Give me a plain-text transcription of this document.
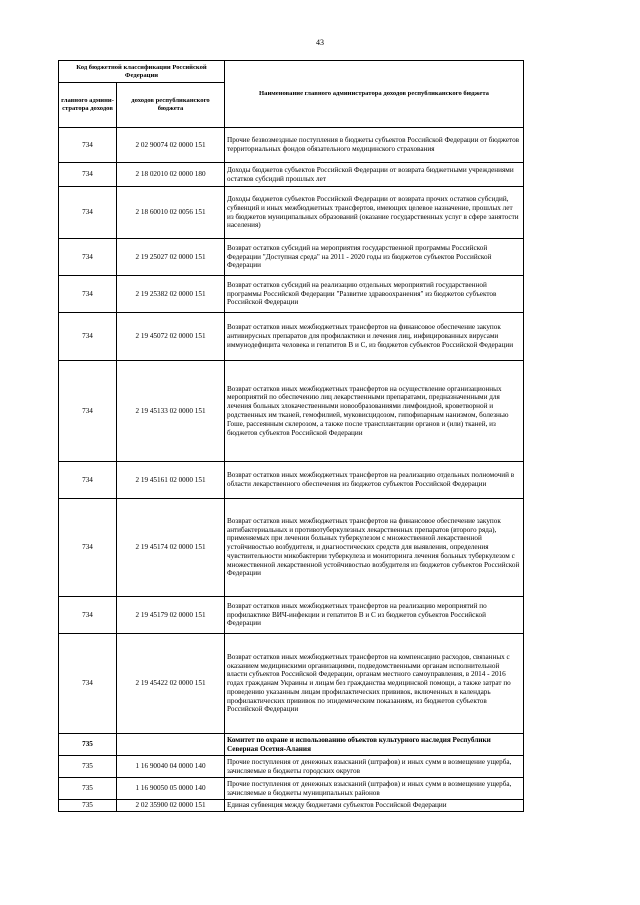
43
Код бюджетной классификации Российской Федерации		Наименование главного администратора доходов республиканского бюджета
главного админи-стратора доходов	доходов республиканского бюджета	
734	2 02 90074 02 0000 151	Прочие безвозмездные поступления в бюджеты субъектов Российской Федерации от бюджетов территориальных фондов обязательного медицинского страхования
734	2 18 02010 02 0000 180	Доходы бюджетов субъектов Российской Федерации от возврата бюджетными учреждениями остатков субсидий прошлых лет
734	2 18 60010 02 0056 151	Доходы бюджетов субъектов Российской Федерации от возврата прочих остатков субсидий, субвенций и иных межбюджетных трансфертов, имеющих целевое назначение, прошлых лет из бюджетов муниципальных образований (оказание государственных услуг в сфере занятости населения)
734	2 19 25027 02 0000 151	Возврат остатков субсидий на мероприятия государственной программы Российской Федерации "Доступная среда" на 2011 - 2020 годы из бюджетов субъектов Российской Федерации
734	2 19 25382 02 0000 151	Возврат остатков субсидий на реализацию отдельных мероприятий государственной программы Российской Федерации "Развитие здравоохранения" из бюджетов субъектов Российской Федерации
734	2 19 45072 02 0000 151	Возврат остатков иных межбюджетных трансфертов на финансовое обеспечение закупок антивирусных препаратов для профилактики и лечения лиц, инфицированных вирусами иммунодефицита человека и гепатитов В и С, из бюджетов субъектов Российской Федерации
734	2 19 45133 02 0000 151	Возврат остатков иных межбюджетных трансфертов на осуществление организационных мероприятий по обеспечению лиц лекарственными препаратами, предназначенными для лечения больных злокачественными новообразованиями лимфоидной, кроветворной и родственных им тканей, гемофилией, муковисцидозом, гипофизарным нанизмом, болезнью Гоше, рассеянным склерозом, а также после трансплантации органов и (или) тканей, из бюджетов субъектов Российской Федерации
734	2 19 45161 02 0000 151	Возврат остатков иных межбюджетных трансфертов на реализацию отдельных полномочий в области лекарственного обеспечения из бюджетов субъектов Российской Федерации
734	2 19 45174 02 0000 151	Возврат остатков иных межбюджетных трансфертов на финансовое обеспечение закупок антибактериальных и противотуберкулезных лекарственных препаратов (второго ряда), применяемых при лечении больных туберкулезом с множественной лекарственной устойчивостью возбудителя, и диагностических средств для выявления, определения чувствительности микобактерии туберкулеза и мониторинга лечения больных туберкулезом с множественной лекарственной устойчивостью возбудителя из бюджетов субъектов Российской Федерации
734	2 19 45179 02 0000 151	Возврат остатков иных межбюджетных трансфертов на реализацию мероприятий по профилактике ВИЧ-инфекции и гепатитов В и С из бюджетов субъектов Российской Федерации
734	2 19 45422 02 0000 151	Возврат остатков иных межбюджетных трансфертов на компенсацию расходов, связанных с оказанием медицинскими организациями, подведомственными органам исполнительной власти субъектов Российской Федерации, органам местного самоуправления, в 2014 - 2016 годах гражданам Украины и лицам без гражданства медицинской помощи, а также затрат по проведению указанным лицам профилактических прививок, включенных в календарь профилактических прививок по эпидемическим показаниям, из бюджетов субъектов Российской Федерации
735		Комитет по охране и использованию объектов культурного наследия Республики Северная Осетия-Алания
735	1 16 90040 04 0000 140	Прочие поступления от денежных взысканий (штрафов) и иных сумм в возмещение ущерба, зачисляемые в бюджеты городских округов
735	1 16 90050 05 0000 140	Прочие поступления от денежных взысканий (штрафов) и иных сумм в возмещение ущерба, зачисляемые в бюджеты муниципальных районов
735	2 02 35900 02 0000 151	Единая субвенция между бюджетами субъектов Российской Федерации
